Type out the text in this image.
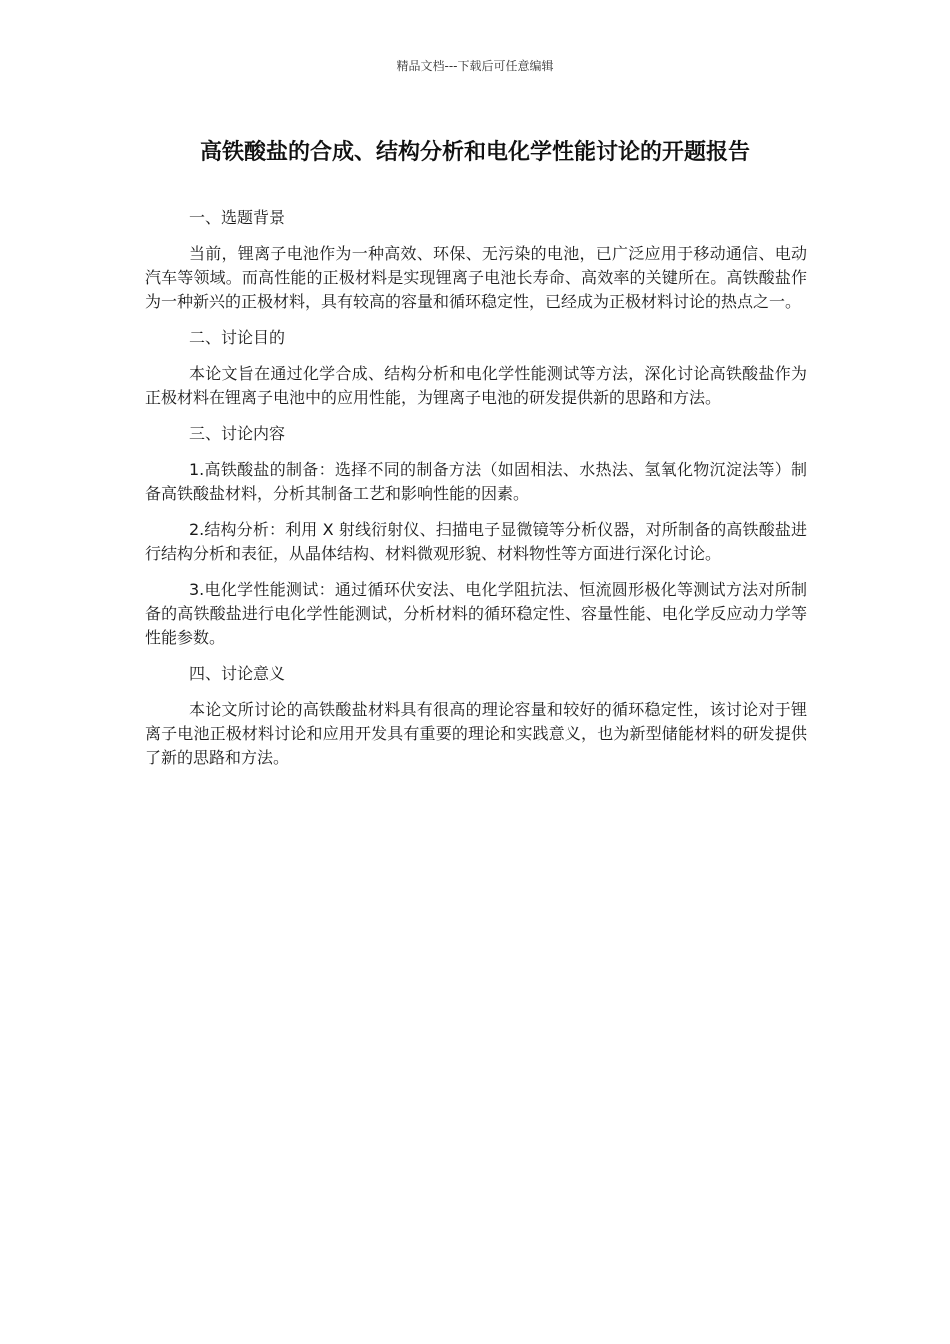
精品文档---下载后可任意编辑
高铁酸盐的合成、结构分析和电化学性能讨论的开题报告

一、选题背景

当前，锂离子电池作为一种高效、环保、无污染的电池，已广泛应用于移动通信、电动汽车等领域。而高性能的正极材料是实现锂离子电池长寿命、高效率的关键所在。高铁酸盐作为一种新兴的正极材料，具有较高的容量和循环稳定性，已经成为正极材料讨论的热点之一。

二、讨论目的

本论文旨在通过化学合成、结构分析和电化学性能测试等方法，深化讨论高铁酸盐作为正极材料在锂离子电池中的应用性能，为锂离子电池的研发提供新的思路和方法。

三、讨论内容

1.高铁酸盐的制备：选择不同的制备方法（如固相法、水热法、氢氧化物沉淀法等）制备高铁酸盐材料，分析其制备工艺和影响性能的因素。

2.结构分析：利用 X 射线衍射仪、扫描电子显微镜等分析仪器，对所制备的高铁酸盐进行结构分析和表征，从晶体结构、材料微观形貌、材料物性等方面进行深化讨论。

3.电化学性能测试：通过循环伏安法、电化学阻抗法、恒流圆形极化等测试方法对所制备的高铁酸盐进行电化学性能测试，分析材料的循环稳定性、容量性能、电化学反应动力学等性能参数。

四、讨论意义

本论文所讨论的高铁酸盐材料具有很高的理论容量和较好的循环稳定性，该讨论对于锂离子电池正极材料讨论和应用开发具有重要的理论和实践意义，也为新型储能材料的研发提供了新的思路和方法。
